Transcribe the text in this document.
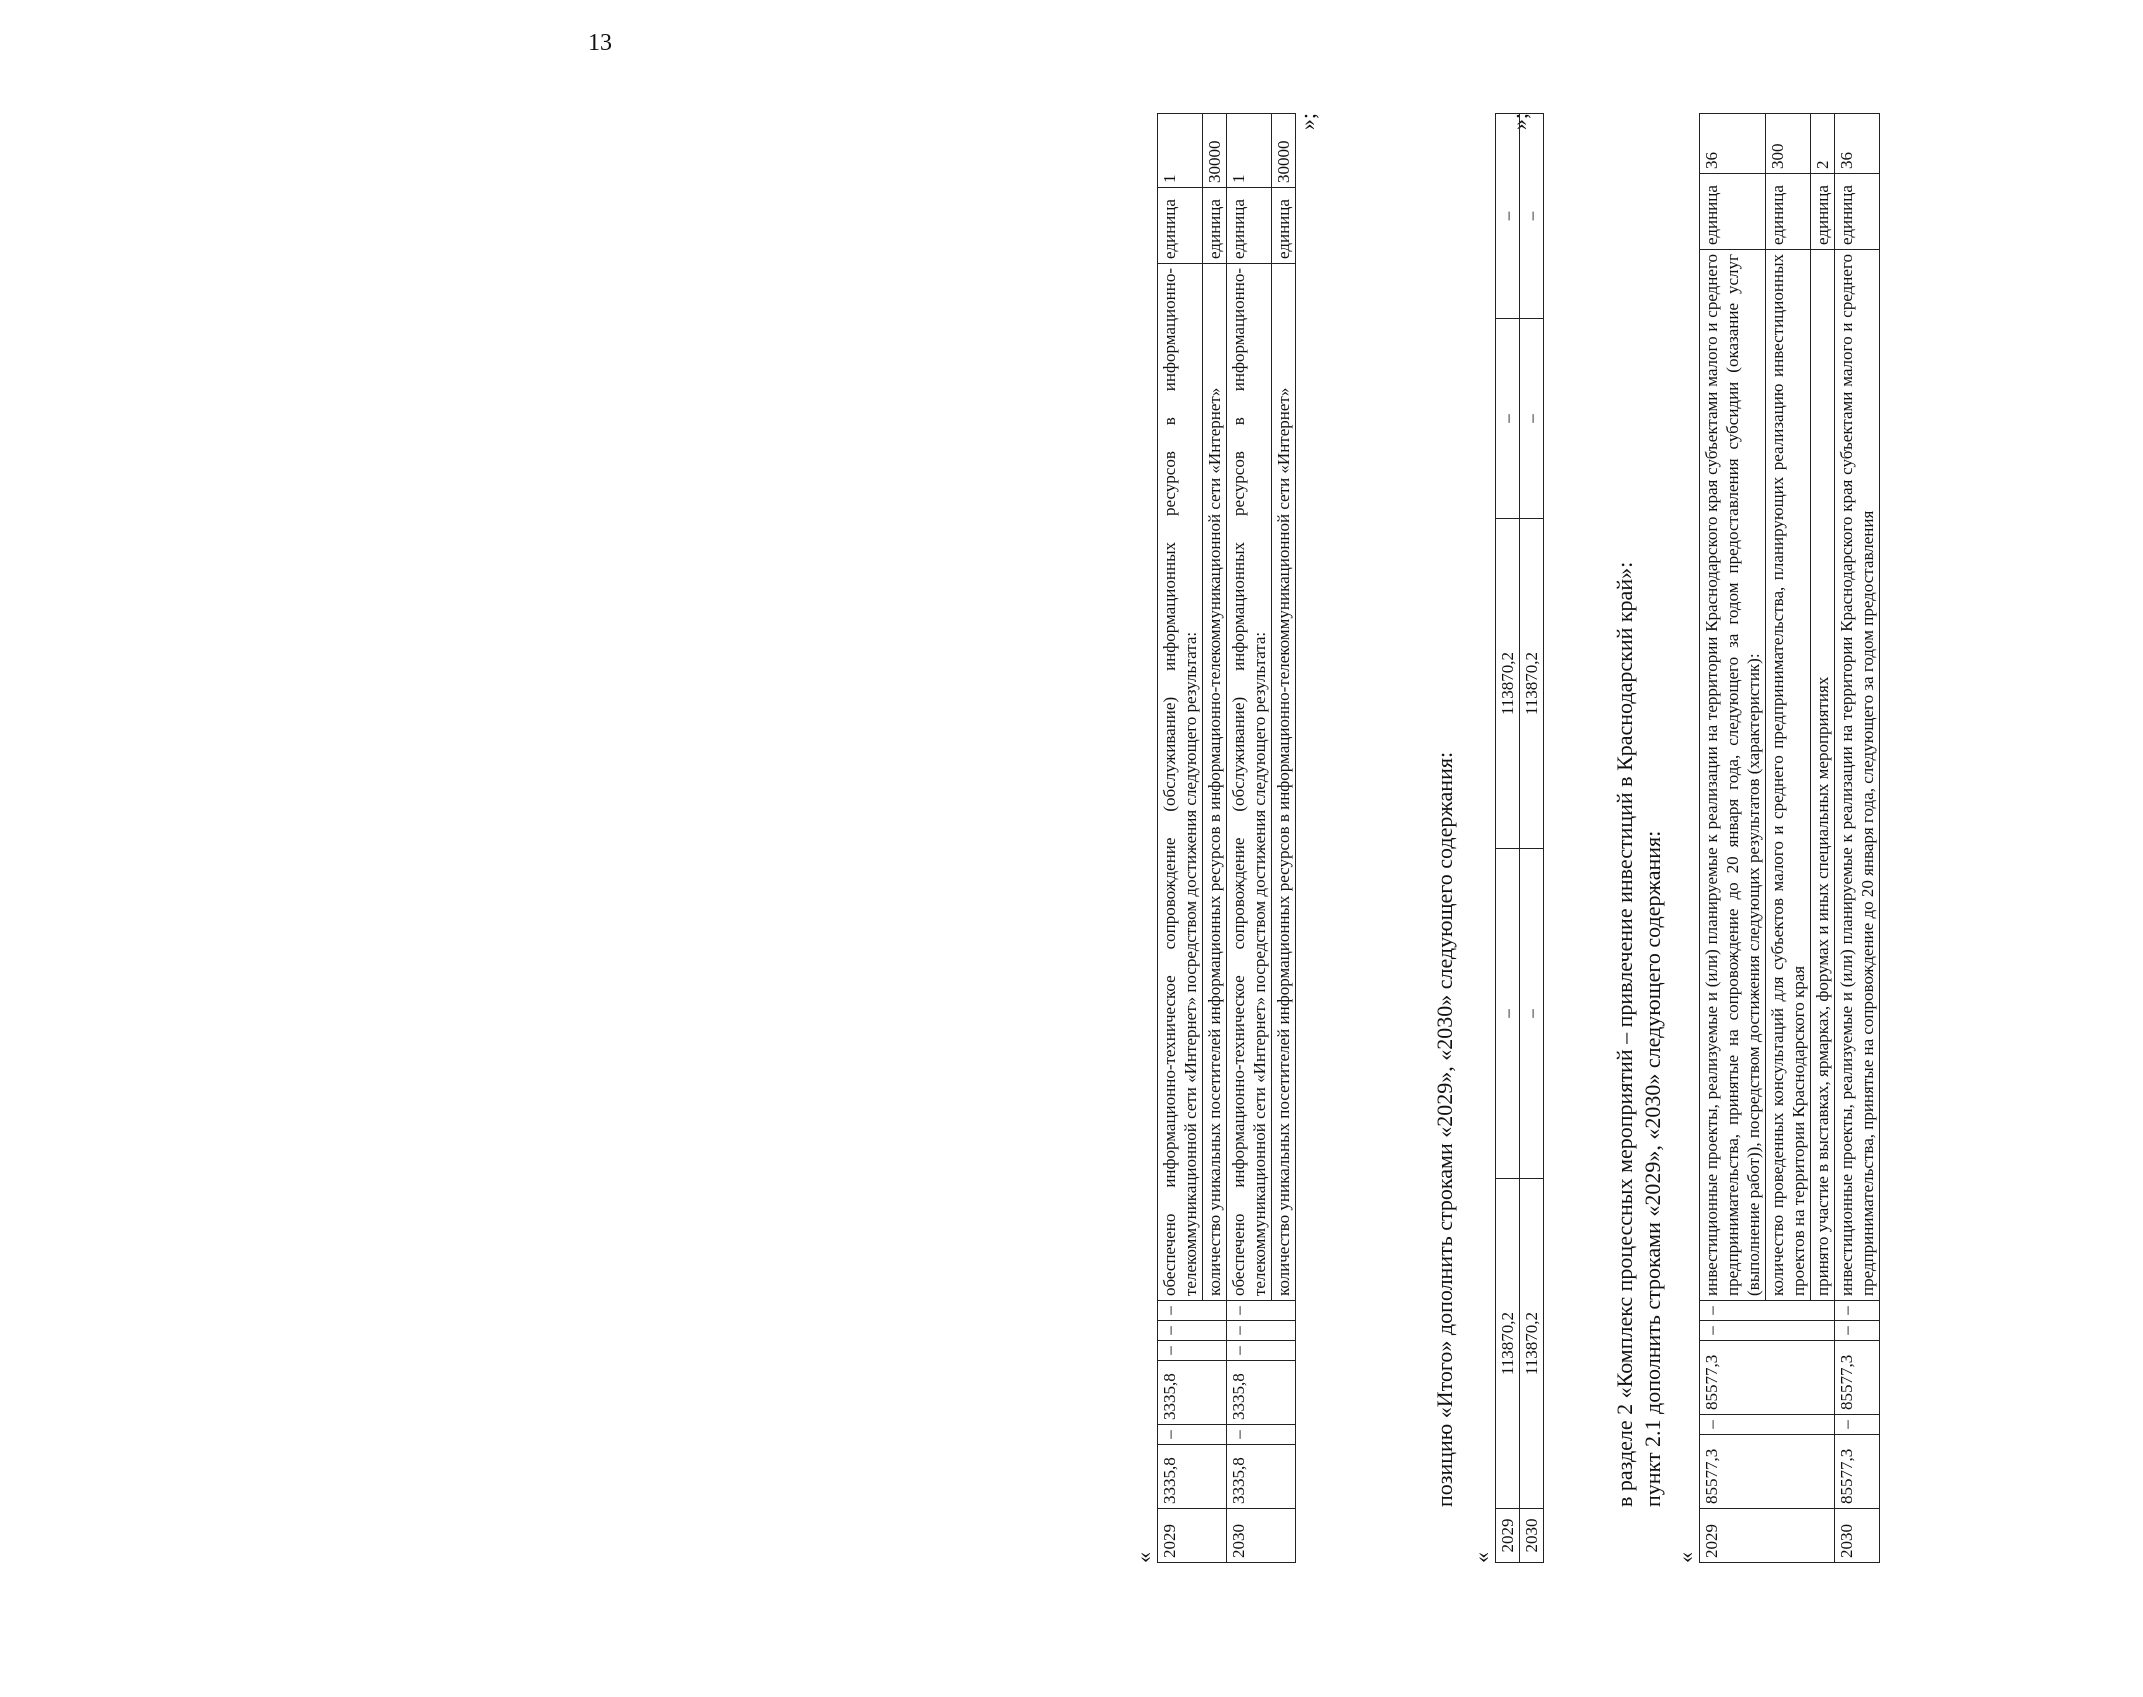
13
«
»;
2029	3335,8	–	3335,8	–	–	–	обеспечено информационно-техническое сопровождение (обслуживание) информационных ресурсов в информационно-телекоммуникационной сети «Интернет» посредством достижения следующего результата:	единица	1
							количество уникальных посетителей информационных ресурсов в информационно-телекоммуникационной сети «Интернет»	единица	30000
2030	3335,8	–	3335,8	–	–	–	обеспечено информационно-техническое сопровождение (обслуживание) информационных ресурсов в информационно-телекоммуникационной сети «Интернет» посредством достижения следующего результата:	единица	1
							количество уникальных посетителей информационных ресурсов в информационно-телекоммуникационной сети «Интернет»	единица	30000
позицию «Итого» дополнить строками «2029», «2030» следующего содержания:
«
»;
2029	113870,2	–	113870,2	–	–
2030	113870,2	–	113870,2	–	–
в разделе 2 «Комплекс процессных мероприятий – привлечение инвестиций в Краснодарский край»: пункт 2.1 дополнить строками «2029», «2030» следующего содержания:
« 2029	85577,3	–	85577,3	–	–	инвестиционные проекты, реализуемые и (или) планируемые к реализации на территории Краснодарского края субъектами малого и среднего предпринимательства, принятые на сопровождение до 20 января года, следующего за годом предоставления субсидии (оказание услуг (выполнение работ)), посредством достижения следующих результатов (характеристик):	единица	36
						количество проведенных консультаций для субъектов малого и среднего предпринимательства, планирующих реализацию инвестиционных проектов на территории Краснодарского края	единица	300
						принято участие в выставках, ярмарках, форумах и иных специальных мероприятиях	единица	2
2030	85577,3	–	85577,3	–	–	инвестиционные проекты, реализуемые и (или) планируемые к реализации на территории Краснодарского края субъектами малого и среднего предпринимательства, принятые на сопровождение до 20 января года, следующего за годом предоставления	единица	36
